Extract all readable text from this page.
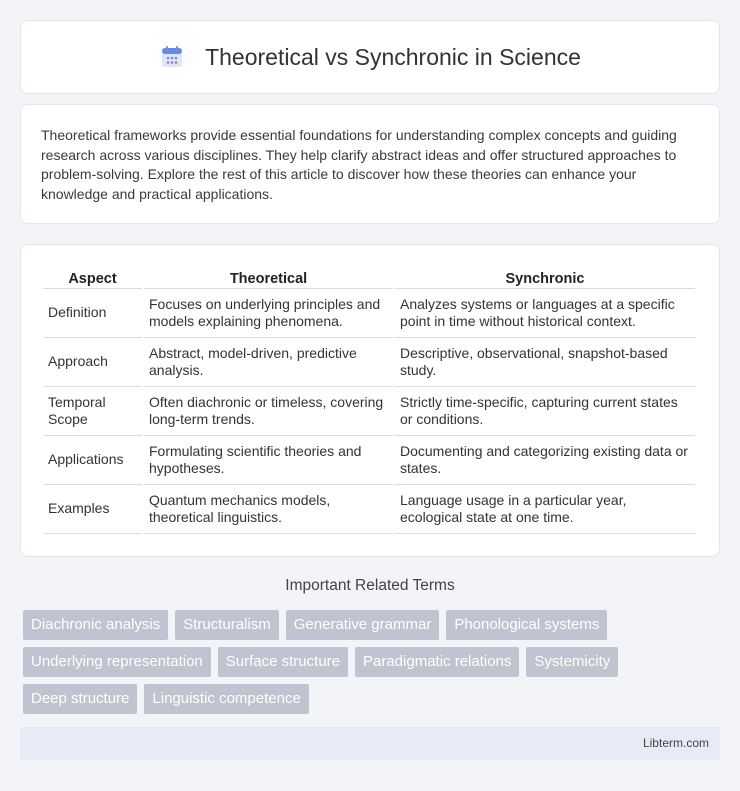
Theoretical vs Synchronic in Science

Theoretical frameworks provide essential foundations for understanding complex concepts and guiding research across various disciplines. They help clarify abstract ideas and offer structured approaches to problem-solving. Explore the rest of this article to discover how these theories can enhance your knowledge and practical applications.

Aspect	Theoretical	Synchronic
Definition	Focuses on underlying principles and models explaining phenomena.	Analyzes systems or languages at a specific point in time without historical context.
Approach	Abstract, model-driven, predictive analysis.	Descriptive, observational, snapshot-based study.
Temporal Scope	Often diachronic or timeless, covering long-term trends.	Strictly time-specific, capturing current states or conditions.
Applications	Formulating scientific theories and hypotheses.	Documenting and categorizing existing data or states.
Examples	Quantum mechanics models, theoretical linguistics.	Language usage in a particular year, ecological state at one time.
Important Related Terms
Diachronic analysis	Structuralism	Generative grammar	Phonological systems
Underlying representation	Surface structure	Paradigmatic relations	Systemicity
Deep structure	Linguistic competence
Libterm.com
